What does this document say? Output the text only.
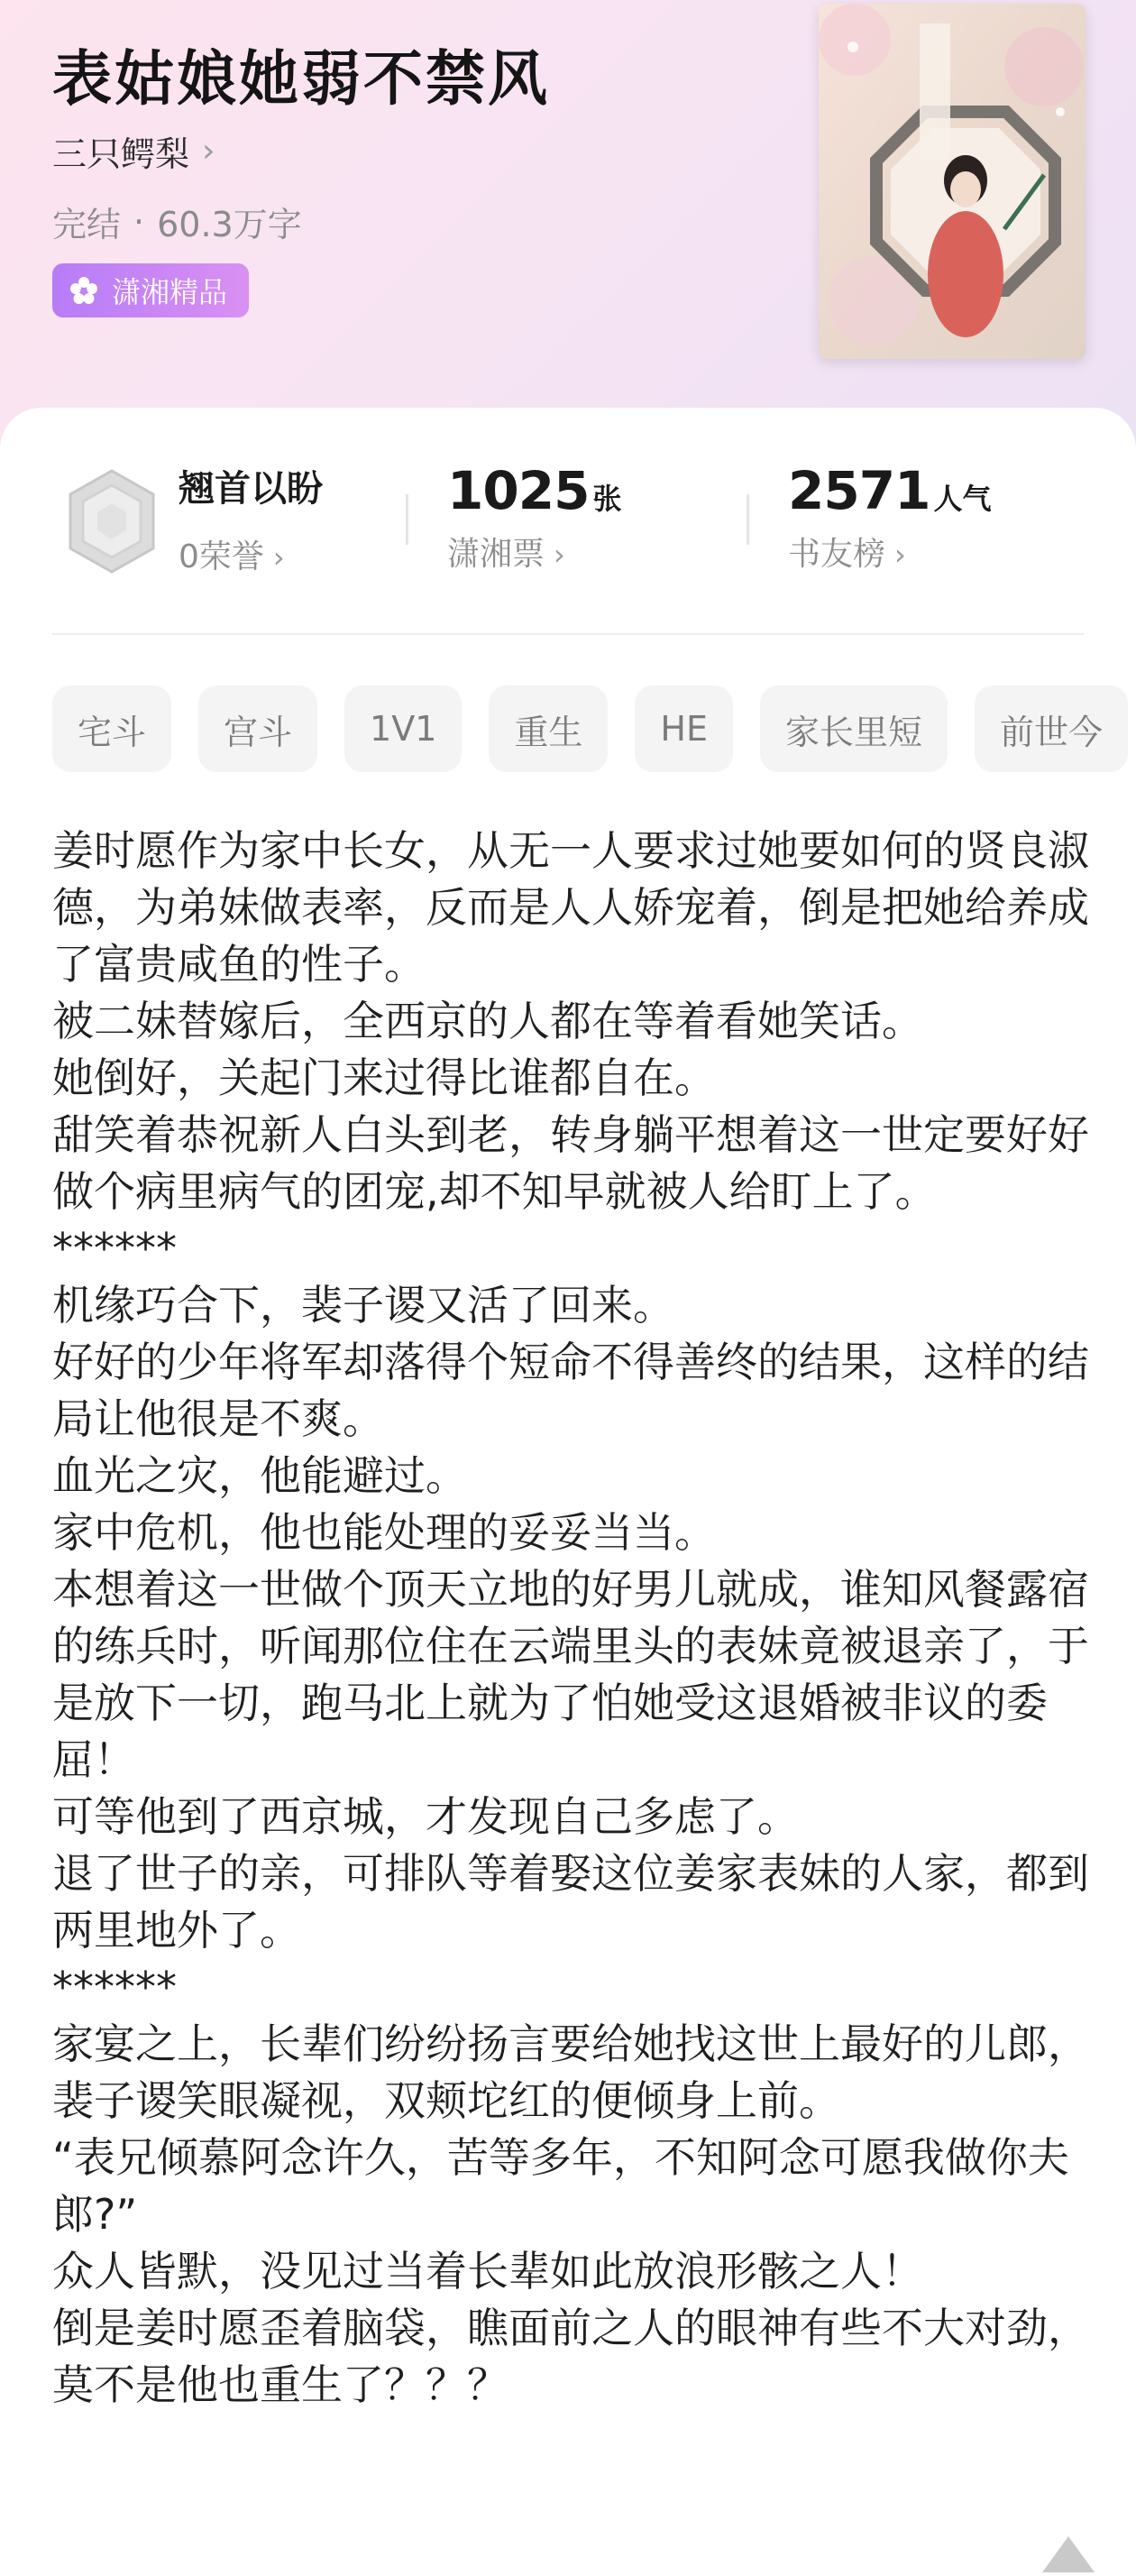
表姑娘她弱不禁风
三只鳄梨 ›
完结 · 60.3万字
潇湘精品
翘首以盼
0荣誉 ›
1025 张
潇湘票 ›
2571 人气
书友榜 ›
宅斗	宫斗	1V1	重生	HE	家长里短	前世今

姜时愿作为家中长女，从无一人要求过她要如何的贤良淑德，为弟妹做表率，反而是人人娇宠着，倒是把她给养成了富贵咸鱼的性子。

被二妹替嫁后，全西京的人都在等着看她笑话。

她倒好，关起门来过得比谁都自在。

甜笑着恭祝新人白头到老，转身躺平想着这一世定要好好做个病里病气的团宠,却不知早就被人给盯上了。

******

机缘巧合下，裴子谡又活了回来。

好好的少年将军却落得个短命不得善终的结果，这样的结局让他很是不爽。

血光之灾，他能避过。

家中危机，他也能处理的妥妥当当。

本想着这一世做个顶天立地的好男儿就成，谁知风餐露宿的练兵时，听闻那位住在云端里头的表妹竟被退亲了，于是放下一切，跑马北上就为了怕她受这退婚被非议的委屈！

可等他到了西京城，才发现自己多虑了。

退了世子的亲，可排队等着娶这位姜家表妹的人家，都到两里地外了。

******

家宴之上，长辈们纷纷扬言要给她找这世上最好的儿郎，裴子谡笑眼凝视，双颊坨红的便倾身上前。

“表兄倾慕阿念许久，苦等多年，不知阿念可愿我做你夫郎?”

众人皆默，没见过当着长辈如此放浪形骸之人！

倒是姜时愿歪着脑袋，瞧面前之人的眼神有些不大对劲，莫不是他也重生了？？？
